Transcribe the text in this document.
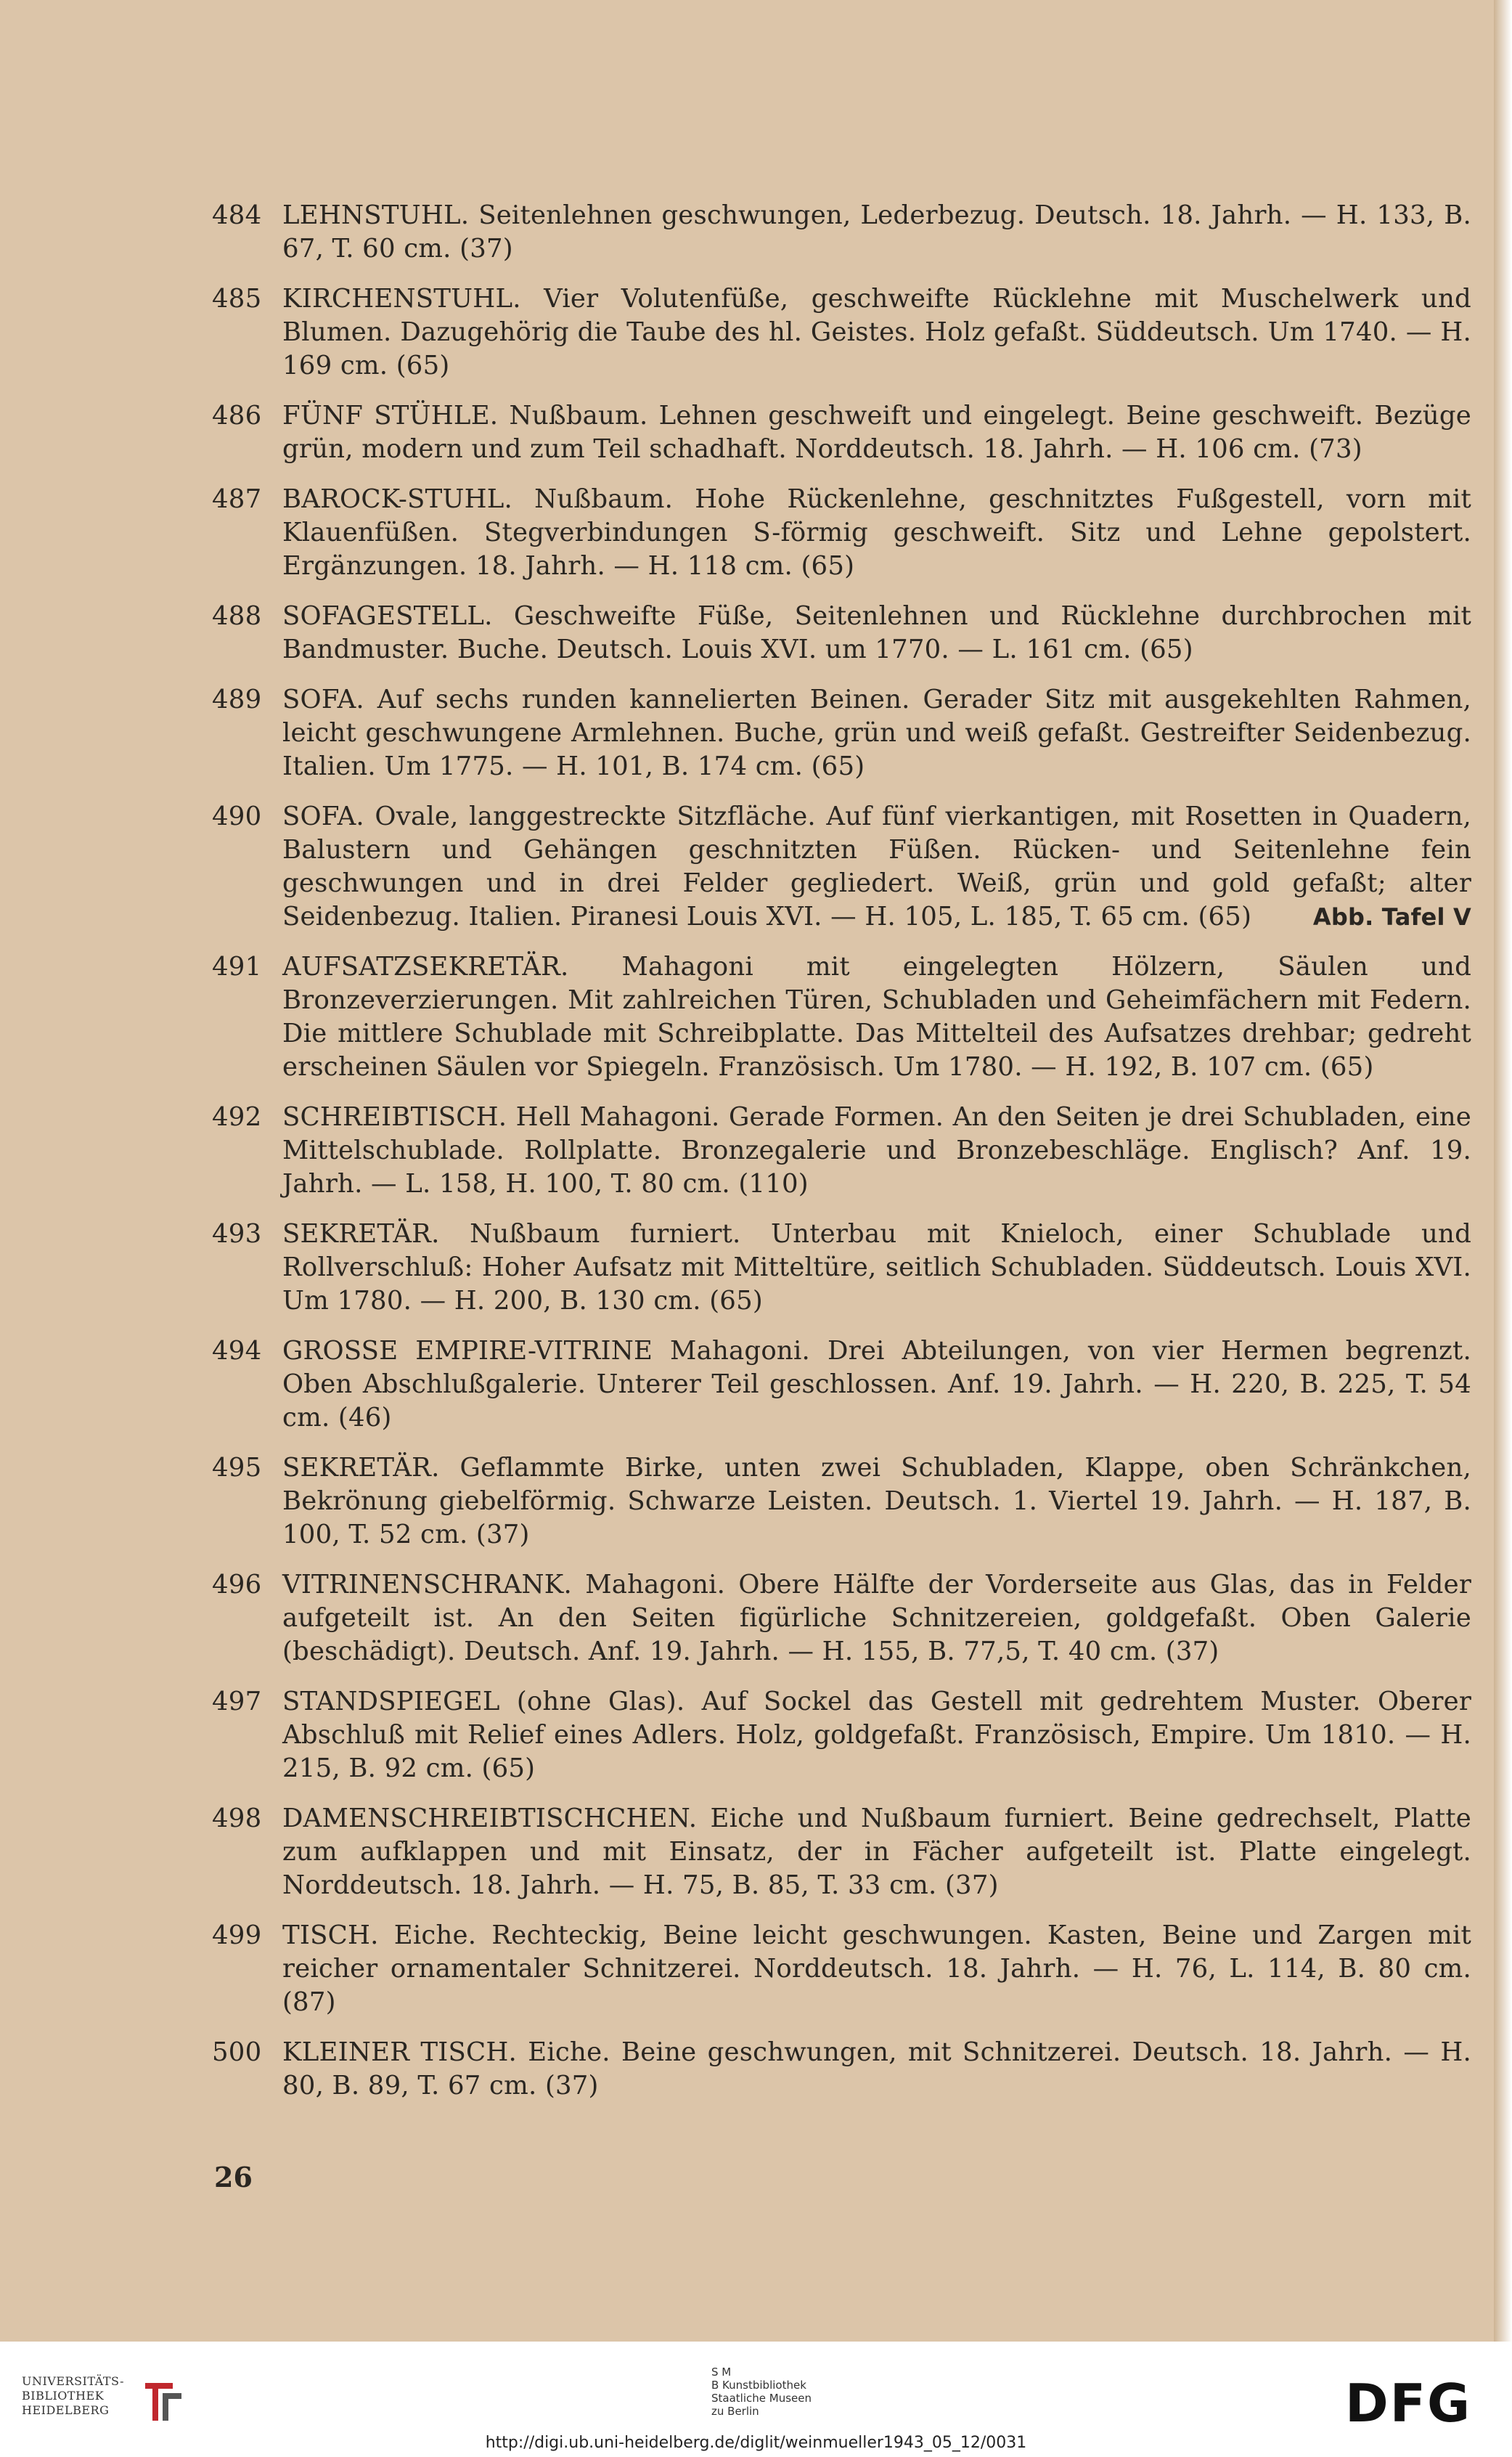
484 LEHNSTUHL. Seitenlehnen geschwungen, Lederbezug. Deutsch. 18. Jahrh. — H. 133, B. 67, T. 60 cm. (37)
485 KIRCHENSTUHL. Vier Volutenfüße, geschweifte Rücklehne mit Muschelwerk und Blumen. Dazugehörig die Taube des hl. Geistes. Holz gefaßt. Süddeutsch. Um 1740. — H. 169 cm. (65)
486 FÜNF STÜHLE. Nußbaum. Lehnen geschweift und eingelegt. Beine geschweift. Bezüge grün, modern und zum Teil schadhaft. Norddeutsch. 18. Jahrh. — H. 106 cm. (73)
487 BAROCK-STUHL. Nußbaum. Hohe Rückenlehne, geschnitztes Fußgestell, vorn mit Klauenfüßen. Stegverbindungen S-förmig geschweift. Sitz und Lehne gepolstert. Ergänzungen. 18. Jahrh. — H. 118 cm. (65)
488 SOFAGESTELL. Geschweifte Füße, Seitenlehnen und Rücklehne durchbrochen mit Bandmuster. Buche. Deutsch. Louis XVI. um 1770. — L. 161 cm. (65)
489 SOFA. Auf sechs runden kannelierten Beinen. Gerader Sitz mit ausgekehlten Rahmen, leicht geschwungene Armlehnen. Buche, grün und weiß gefaßt. Gestreifter Seidenbezug. Italien. Um 1775. — H. 101, B. 174 cm. (65)
490 SOFA. Ovale, langgestreckte Sitzfläche. Auf fünf vierkantigen, mit Rosetten in Quadern, Balustern und Gehängen geschnitzten Füßen. Rücken- und Seitenlehne fein geschwungen und in drei Felder gegliedert. Weiß, grün und gold gefaßt; alter Seidenbezug. Italien. Piranesi Louis XVI. — H. 105, L. 185, T. 65 cm. (65)	Abb. Tafel V
491 AUFSATZSEKRETÄR. Mahagoni mit eingelegten Hölzern, Säulen und Bronzeverzierungen. Mit zahlreichen Türen, Schubladen und Geheimfächern mit Federn. Die mittlere Schublade mit Schreibplatte. Das Mittelteil des Aufsatzes drehbar; gedreht erscheinen Säulen vor Spiegeln. Französisch. Um 1780. — H. 192, B. 107 cm. (65)
492 SCHREIBTISCH. Hell Mahagoni. Gerade Formen. An den Seiten je drei Schubladen, eine Mittelschublade. Rollplatte. Bronzegalerie und Bronzebeschläge. Englisch? Anf. 19. Jahrh. — L. 158, H. 100, T. 80 cm. (110)
493 SEKRETÄR. Nußbaum furniert. Unterbau mit Knieloch, einer Schublade und Rollverschluß: Hoher Aufsatz mit Mitteltüre, seitlich Schubladen. Süddeutsch. Louis XVI. Um 1780. — H. 200, B. 130 cm. (65)
494 GROSSE EMPIRE-VITRINE Mahagoni. Drei Abteilungen, von vier Hermen begrenzt. Oben Abschlußgalerie. Unterer Teil geschlossen. Anf. 19. Jahrh. — H. 220, B. 225, T. 54 cm. (46)
495 SEKRETÄR. Geflammte Birke, unten zwei Schubladen, Klappe, oben Schränkchen, Bekrönung giebelförmig. Schwarze Leisten. Deutsch. 1. Viertel 19. Jahrh. — H. 187, B. 100, T. 52 cm. (37)
496 VITRINENSCHRANK. Mahagoni. Obere Hälfte der Vorderseite aus Glas, das in Felder aufgeteilt ist. An den Seiten figürliche Schnitzereien, goldgefaßt. Oben Galerie (beschädigt). Deutsch. Anf. 19. Jahrh. — H. 155, B. 77,5, T. 40 cm. (37)
497 STANDSPIEGEL (ohne Glas). Auf Sockel das Gestell mit gedrehtem Muster. Oberer Abschluß mit Relief eines Adlers. Holz, goldgefaßt. Französisch, Empire. Um 1810. — H. 215, B. 92 cm. (65)
498 DAMENSCHREIBTISCHCHEN. Eiche und Nußbaum furniert. Beine gedrechselt, Platte zum aufklappen und mit Einsatz, der in Fächer aufgeteilt ist. Platte eingelegt. Norddeutsch. 18. Jahrh. — H. 75, B. 85, T. 33 cm. (37)
499 TISCH. Eiche. Rechteckig, Beine leicht geschwungen. Kasten, Beine und Zargen mit reicher ornamentaler Schnitzerei. Norddeutsch. 18. Jahrh. — H. 76, L. 114, B. 80 cm. (87)
500 KLEINER TISCH. Eiche. Beine geschwungen, mit Schnitzerei. Deutsch. 18. Jahrh. — H. 80, B. 89, T. 67 cm. (37)
26
UNIVERSITÄTS-
BIBLIOTHEK
HEIDELBERG
S M
B Kunstbibliothek
Staatliche Museen
zu Berlin	DFG
http://digi.ub.uni-heidelberg.de/diglit/weinmueller1943_05_12/0031
